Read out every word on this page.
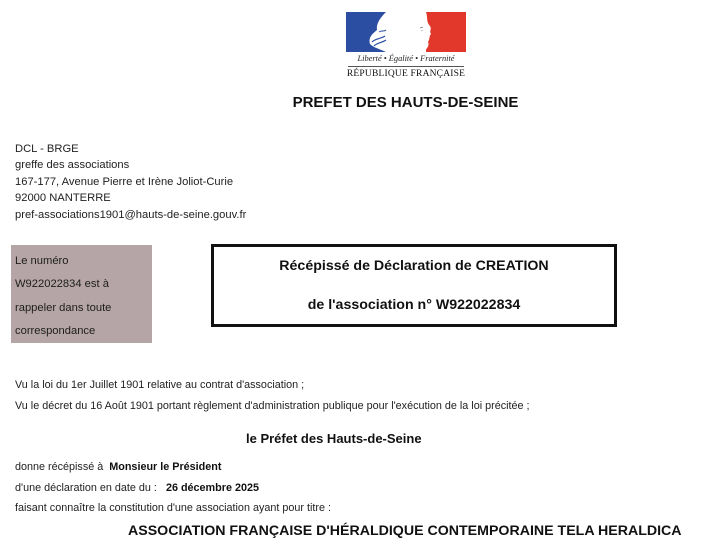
Liberté • Égalité • Fraternité
RÉPUBLIQUE FRANÇAISE
PREFET DES HAUTS-DE-SEINE
DCL - BRGE
greffe des associations
167-177, Avenue Pierre et Irène Joliot-Curie
92000 NANTERRE
pref-associations1901@hauts-de-seine.gouv.fr
Le numéro
W922022834 est à
rappeler dans toute
correspondance
Récépissé de Déclaration de CREATION
de l'association n° W922022834
Vu la loi du 1er Juillet 1901 relative au contrat d'association ;
Vu le décret du 16 Août 1901 portant règlement d'administration publique pour l'exécution de la loi précitée ;
le Préfet des Hauts-de-Seine
donne récépissé à  Monsieur le Président
d'une déclaration en date du :   26 décembre 2025
faisant connaître la constitution d'une association ayant pour titre :
ASSOCIATION FRANÇAISE D'HÉRALDIQUE CONTEMPORAINE TELA HERALDICA
